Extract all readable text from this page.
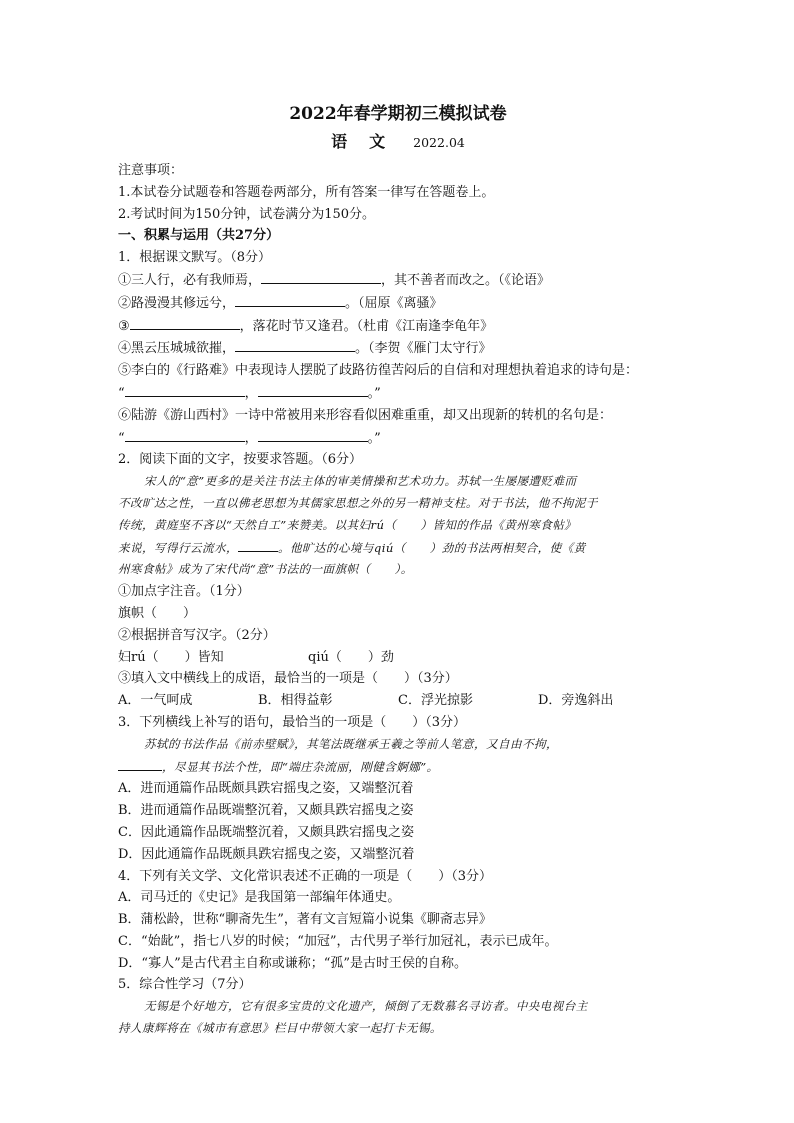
2022年春学期初三模拟试卷
语文 2022.04
注意事项：
1.本试卷分试题卷和答题卷两部分，所有答案一律写在答题卷上。
2.考试时间为150分钟，试卷满分为150分。
一、积累与运用（共27分）
1．根据课文默写。（8分）
①三人行，必有我师焉，	，其不善者而改之。（《论语》
②路漫漫其修远兮，	。（屈原《离骚》
③	，落花时节又逢君。（杜甫《江南逢李龟年》
④黑云压城城欲摧，	。（李贺《雁门太守行》
⑤李白的《行路难》中表现诗人摆脱了歧路彷徨苦闷后的自信和对理想执着追求的诗句是：
“	，	。”
⑥陆游《游山西村》一诗中常被用来形容看似困难重重，却又出现新的转机的名句是：
“	，	。”
2．阅读下面的文字，按要求答题。（6分）
宋人的“意”更多的是关注书法主体的审美情操和艺术功力。苏轼一生屡屡遭贬难而
不改旷达之性，一直以佛老思想为其儒家思想之外的另一精神支柱。对于书法，他不拘泥于
传统，黄庭坚不吝以“天然自工”来赞美。以其妇rú（　　）皆知的作品《黄州寒食帖》
来说，写得行云流水，	。他旷达的心境与qiú（　　）劲的书法两相契合，使《黄
州寒食帖》成为了宋代尚“意”书法的一面旗帜（　　）。
①加点字注音。（1分）
旗帜（　　）
②根据拼音写汉字。（2分）
妇rú（　　）皆知	qiú（　　）劲
③填入文中横线上的成语，最恰当的一项是（　　）（3分）
A．一气呵成	B．相得益彰	C．浮光掠影	D．旁逸斜出
3．下列横线上补写的语句，最恰当的一项是（　　）（3分）
苏轼的书法作品《前赤壁赋》，其笔法既继承王羲之等前人笔意，又自由不拘，
，尽显其书法个性，即“端庄杂流丽，刚健含婀娜”。
A．进而通篇作品既颇具跌宕摇曳之姿，又端整沉着
B．进而通篇作品既端整沉着，又颇具跌宕摇曳之姿
C．因此通篇作品既端整沉着，又颇具跌宕摇曳之姿
D．因此通篇作品既颇具跌宕摇曳之姿，又端整沉着
4．下列有关文学、文化常识表述不正确的一项是（　　）（3分）
A．司马迁的《史记》是我国第一部编年体通史。
B．蒲松龄，世称“聊斋先生”，著有文言短篇小说集《聊斋志异》
C．“始龀”，指七八岁的时候；“加冠”，古代男子举行加冠礼，表示已成年。
D．“寡人”是古代君主自称或谦称；“孤”是古时王侯的自称。
5．综合性学习（7分）
无锡是个好地方，它有很多宝贵的文化遗产，倾倒了无数慕名寻访者。中央电视台主
持人康辉将在《城市有意思》栏目中带领大家一起打卡无锡。
